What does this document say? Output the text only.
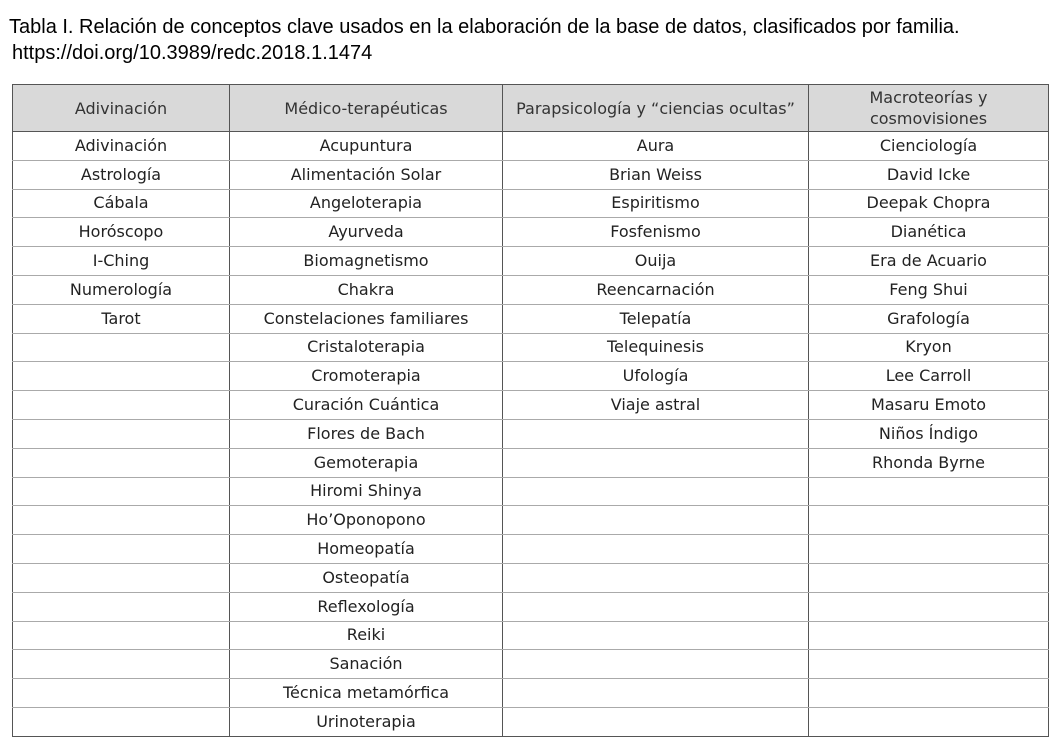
Tabla I. Relación de conceptos clave usados en la elaboración de la base de datos, clasificados por familia.
https://doi.org/10.3989/redc.2018.1.1474
Adivinación	Médico-terapéuticas	Parapsicología y “ciencias ocultas”	Macroteorías y cosmovisiones
Adivinación	Acupuntura	Aura	Cienciología
Astrología	Alimentación Solar	Brian Weiss	David Icke
Cábala	Angeloterapia	Espiritismo	Deepak Chopra
Horóscopo	Ayurveda	Fosfenismo	Dianética
I-Ching	Biomagnetismo	Ouija	Era de Acuario
Numerología	Chakra	Reencarnación	Feng Shui
Tarot	Constelaciones familiares	Telepatía	Grafología
	Cristaloterapia	Telequinesis	Kryon
	Cromoterapia	Ufología	Lee Carroll
	Curación Cuántica	Viaje astral	Masaru Emoto
	Flores de Bach		Niños Índigo
	Gemoterapia		Rhonda Byrne
	Hiromi Shinya		
	Ho’Oponopono		
	Homeopatía		
	Osteopatía		
	Reflexología		
	Reiki		
	Sanación		
	Técnica metamórfica		
	Urinoterapia		
